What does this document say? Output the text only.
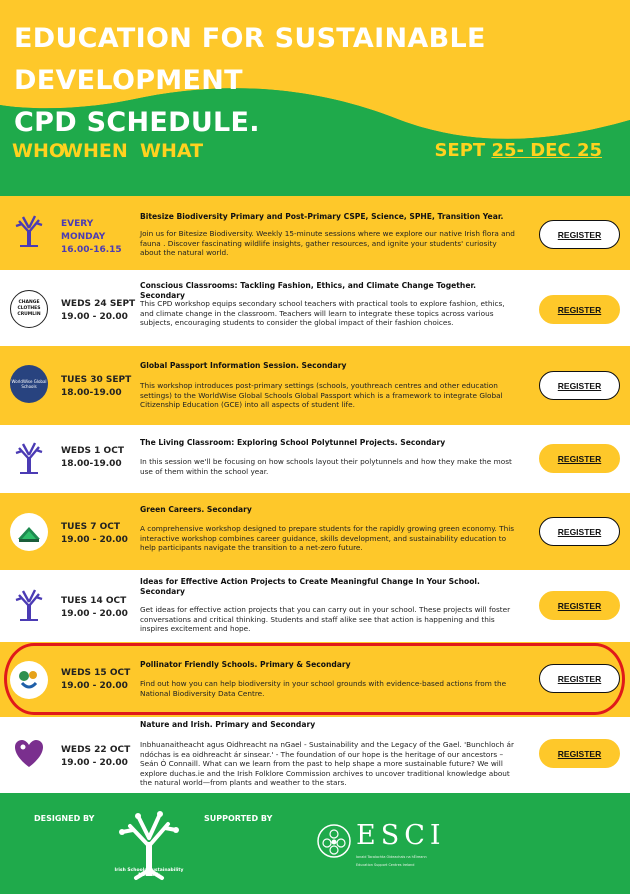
EDUCATION FOR SUSTAINABLE DEVELOPMENT
CPD SCHEDULE.
WHO
WHEN WHAT	SEPT 25- DEC 25
EVERY
MONDAY
16.00-16.15
Bitesize Biodiversity Primary and Post-Primary CSPE, Science, SPHE, Transition Year.
Join us for Bitesize Biodiversity. Weekly 15-minute sessions where we explore our native Irish flora and fauna . Discover fascinating wildlife insights, gather resources, and ignite your students' curiosity about the natural world.
REGISTER
CHANGE CLOTHES CRUMLIN
WEDS 24 SEPT
19.00 - 20.00
Conscious Classrooms: Tackling Fashion, Ethics, and Climate Change Together. Secondary
This CPD workshop equips secondary school teachers with practical tools to explore fashion, ethics, and climate change in the classroom. Teachers will learn to integrate these topics across various subjects, encouraging students to consider the global impact of their fashion choices.
REGISTER
WorldWise Global Schools
TUES 30 SEPT
18.00-19.00
Global Passport Information Session. Secondary
This workshop introduces post-primary settings (schools, youthreach centres and other education settings) to the WorldWise Global Schools Global Passport which is a framework to integrate Global Citizenship Education (GCE) into all aspects of student life.
REGISTER
WEDS 1 OCT
18.00-19.00
The Living Classroom: Exploring School Polytunnel Projects. Secondary
In this session we'll be focusing on how schools layout their polytunnels and how they make the most use of them within the school year.
REGISTER
TUES 7 OCT
19.00 - 20.00
Green Careers. Secondary
A comprehensive workshop designed to prepare students for the rapidly growing green economy. This interactive workshop combines career guidance, skills development, and sustainability education to help participants navigate the transition to a net-zero future.
REGISTER
TUES 14 OCT
19.00 - 20.00
Ideas for Effective Action Projects to Create Meaningful Change In Your School. Secondary
Get ideas for effective action projects that you can carry out in your school. These projects will foster conversations and critical thinking. Students and staff alike see that action is happening and this inspires excitement and hope.
REGISTER
WEDS 15 OCT
19.00 - 20.00
Pollinator Friendly Schools. Primary & Secondary
Find out how you can help biodiversity in your school grounds with evidence-based actions from the National Biodiversity Data Centre.
REGISTER
WEDS 22 OCT
19.00 - 20.00
Nature and Irish. Primary and Secondary
Inbhuanaitheacht agus Oidhreacht na nGael - Sustainability and the Legacy of the Gael. 'Bunchloch ár ndóchas is ea oidhreacht ár sinsear.' - The foundation of our hope is the heritage of our ancestors – Seán Ó Connaill. What can we learn from the past to help shape a more sustainable future? We will explore duchas.ie and the Irish Folklore Commission archives to uncover traditional knowledge about the natural world—from plants and weather to the stars.
REGISTER
DESIGNED BY
Irish Schools Sustainability Network
SUPPORTED BY
ESCI
Ionaid Tacaíochta Oideachais na hÉireann
Education Support Centres Ireland
